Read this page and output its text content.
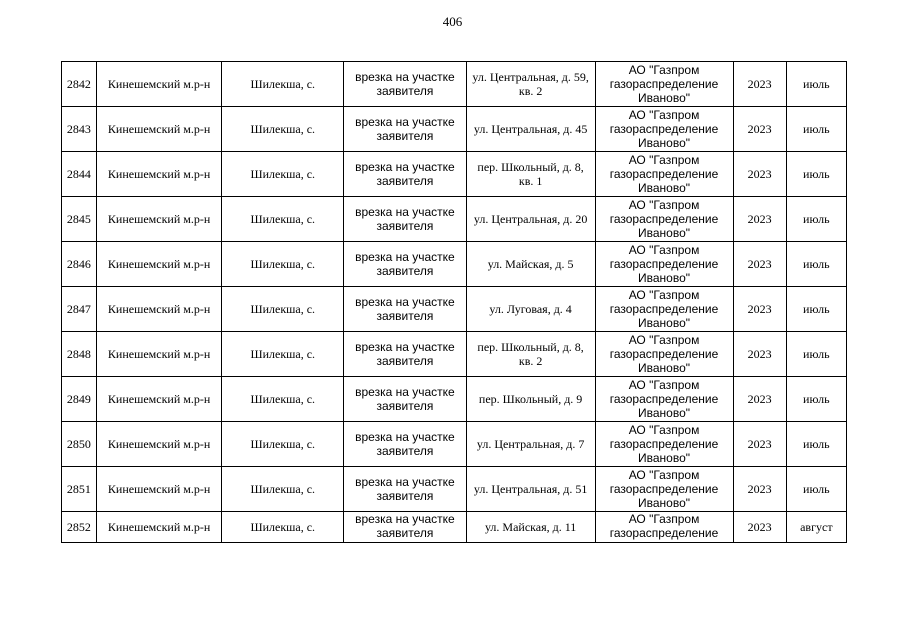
406
2842	Кинешемский м.р-н	Шилекша, с.	врезка на участке заявителя	ул. Центральная, д. 59, кв. 2	АО "Газпром газораспределение Иваново"	2023	июль
2843	Кинешемский м.р-н	Шилекша, с.	врезка на участке заявителя	ул. Центральная, д. 45	АО "Газпром газораспределение Иваново"	2023	июль
2844	Кинешемский м.р-н	Шилекша, с.	врезка на участке заявителя	пер. Школьный, д. 8, кв. 1	АО "Газпром газораспределение Иваново"	2023	июль
2845	Кинешемский м.р-н	Шилекша, с.	врезка на участке заявителя	ул. Центральная, д. 20	АО "Газпром газораспределение Иваново"	2023	июль
2846	Кинешемский м.р-н	Шилекша, с.	врезка на участке заявителя	ул. Майская, д. 5	АО "Газпром газораспределение Иваново"	2023	июль
2847	Кинешемский м.р-н	Шилекша, с.	врезка на участке заявителя	ул. Луговая, д. 4	АО "Газпром газораспределение Иваново"	2023	июль
2848	Кинешемский м.р-н	Шилекша, с.	врезка на участке заявителя	пер. Школьный, д. 8, кв. 2	АО "Газпром газораспределение Иваново"	2023	июль
2849	Кинешемский м.р-н	Шилекша, с.	врезка на участке заявителя	пер. Школьный, д. 9	АО "Газпром газораспределение Иваново"	2023	июль
2850	Кинешемский м.р-н	Шилекша, с.	врезка на участке заявителя	ул. Центральная, д. 7	АО "Газпром газораспределение Иваново"	2023	июль
2851	Кинешемский м.р-н	Шилекша, с.	врезка на участке заявителя	ул. Центральная, д. 51	АО "Газпром газораспределение Иваново"	2023	июль
2852	Кинешемский м.р-н	Шилекша, с.	врезка на участке заявителя	ул. Майская, д. 11	АО "Газпром газораспределение	2023	август
